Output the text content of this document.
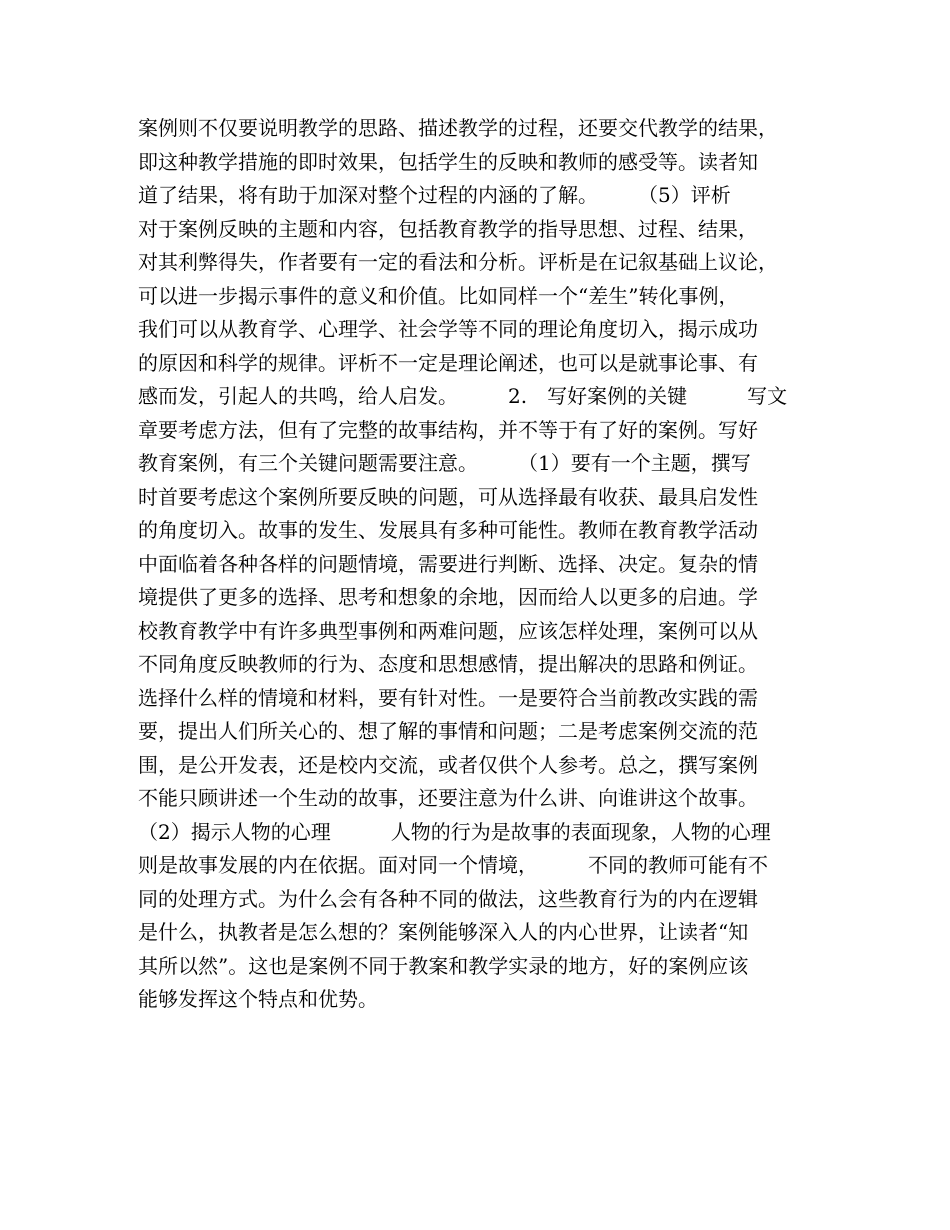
案例则不仅要说明教学的思路、描述教学的过程，还要交代教学的结果，
即这种教学措施的即时效果，包括学生的反映和教师的感受等。读者知
道了结果，将有助于加深对整个过程的内涵的了解。　　　（5）评析
对于案例反映的主题和内容，包括教育教学的指导思想、过程、结果，
对其利弊得失，作者要有一定的看法和分析。评析是在记叙基础上议论，
可以进一步揭示事件的意义和价值。比如同样一个“差生”转化事例，
我们可以从教育学、心理学、社会学等不同的理论角度切入，揭示成功
的原因和科学的规律。评析不一定是理论阐述，也可以是就事论事、有
感而发，引起人的共鸣，给人启发。　　　2.　写好案例的关键　　　写文
章要考虑方法，但有了完整的故事结构，并不等于有了好的案例。写好
教育案例，有三个关键问题需要注意。　　　（1）要有一个主题，撰写
时首要考虑这个案例所要反映的问题，可从选择最有收获、最具启发性
的角度切入。故事的发生、发展具有多种可能性。教师在教育教学活动
中面临着各种各样的问题情境，需要进行判断、选择、决定。复杂的情
境提供了更多的选择、思考和想象的余地，因而给人以更多的启迪。学
校教育教学中有许多典型事例和两难问题，应该怎样处理，案例可以从
不同角度反映教师的行为、态度和思想感情，提出解决的思路和例证。
选择什么样的情境和材料，要有针对性。一是要符合当前教改实践的需
要，提出人们所关心的、想了解的事情和问题；二是考虑案例交流的范
围，是公开发表，还是校内交流，或者仅供个人参考。总之，撰写案例
不能只顾讲述一个生动的故事，还要注意为什么讲、向谁讲这个故事。
（2）揭示人物的心理　　　人物的行为是故事的表面现象，人物的心理
则是故事发展的内在依据。面对同一个情境，　　　不同的教师可能有不
同的处理方式。为什么会有各种不同的做法，这些教育行为的内在逻辑
是什么，执教者是怎么想的？案例能够深入人的内心世界，让读者“知
其所以然”。这也是案例不同于教案和教学实录的地方，好的案例应该
能够发挥这个特点和优势。
